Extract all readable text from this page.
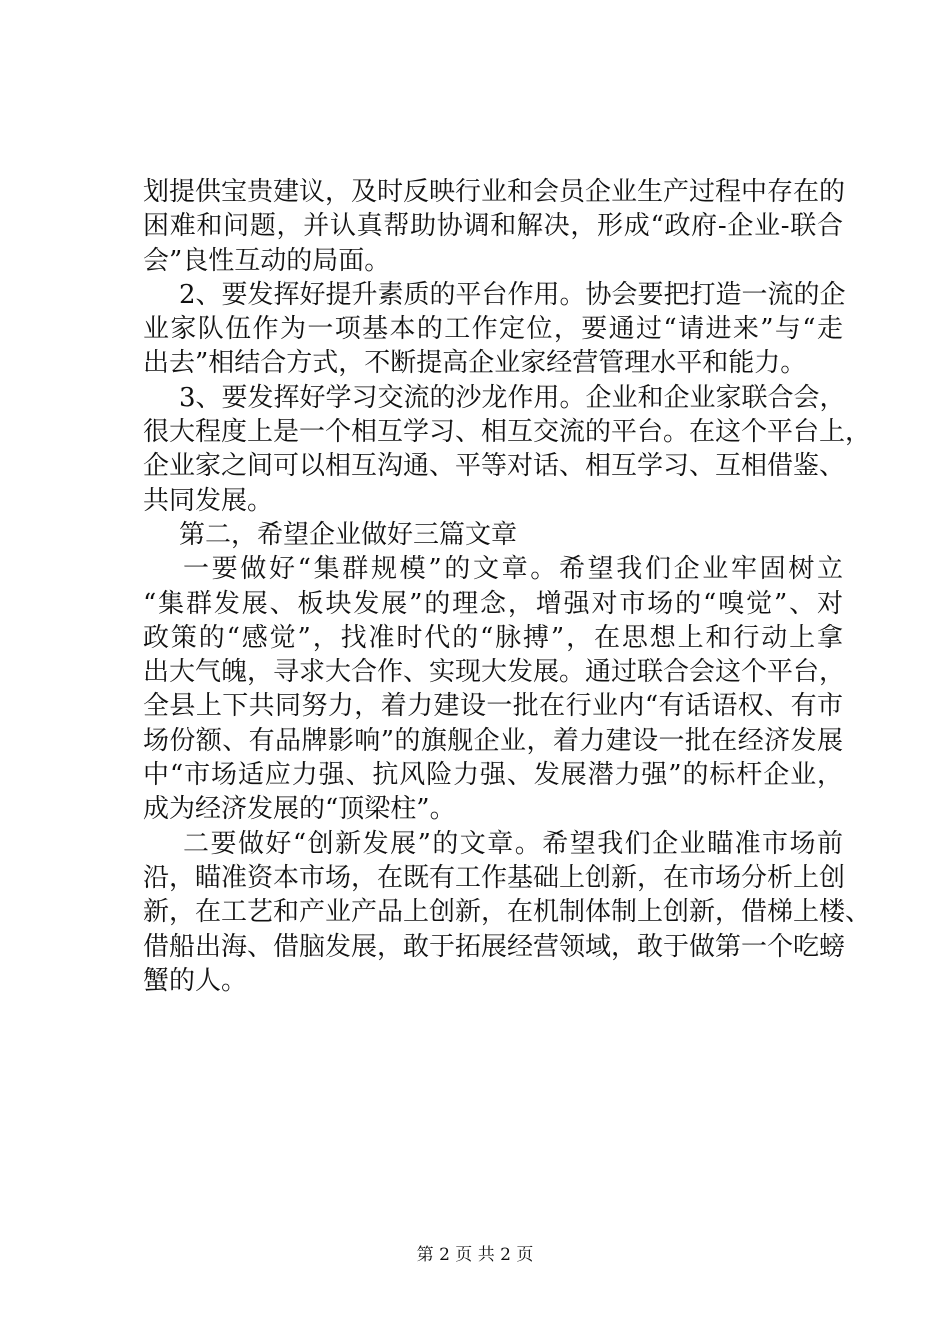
划提供宝贵建议，及时反映行业和会员企业生产过程中存在的
困难和问题，并认真帮助协调和解决，形成“政府-企业-联合
会”良性互动的局面。
2、要发挥好提升素质的平台作用。协会要把打造一流的企
业家队伍作为一项基本的工作定位，要通过“请进来”与“走
出去”相结合方式，不断提高企业家经营管理水平和能力。
3、要发挥好学习交流的沙龙作用。企业和企业家联合会，
很大程度上是一个相互学习、相互交流的平台。在这个平台上，
企业家之间可以相互沟通、平等对话、相互学习、互相借鉴、
共同发展。
第二，希望企业做好三篇文章
一要做好“集群规模”的文章。希望我们企业牢固树立
“集群发展、板块发展”的理念，增强对市场的“嗅觉”、对
政策的“感觉”，找准时代的“脉搏”，在思想上和行动上拿
出大气魄，寻求大合作、实现大发展。通过联合会这个平台，
全县上下共同努力，着力建设一批在行业内“有话语权、有市
场份额、有品牌影响”的旗舰企业，着力建设一批在经济发展
中“市场适应力强、抗风险力强、发展潜力强”的标杆企业，
成为经济发展的“顶梁柱”。
二要做好“创新发展”的文章。希望我们企业瞄准市场前
沿，瞄准资本市场，在既有工作基础上创新，在市场分析上创
新，在工艺和产业产品上创新，在机制体制上创新，借梯上楼、
借船出海、借脑发展，敢于拓展经营领域，敢于做第一个吃螃
蟹的人。
第 2 页 共 2 页
